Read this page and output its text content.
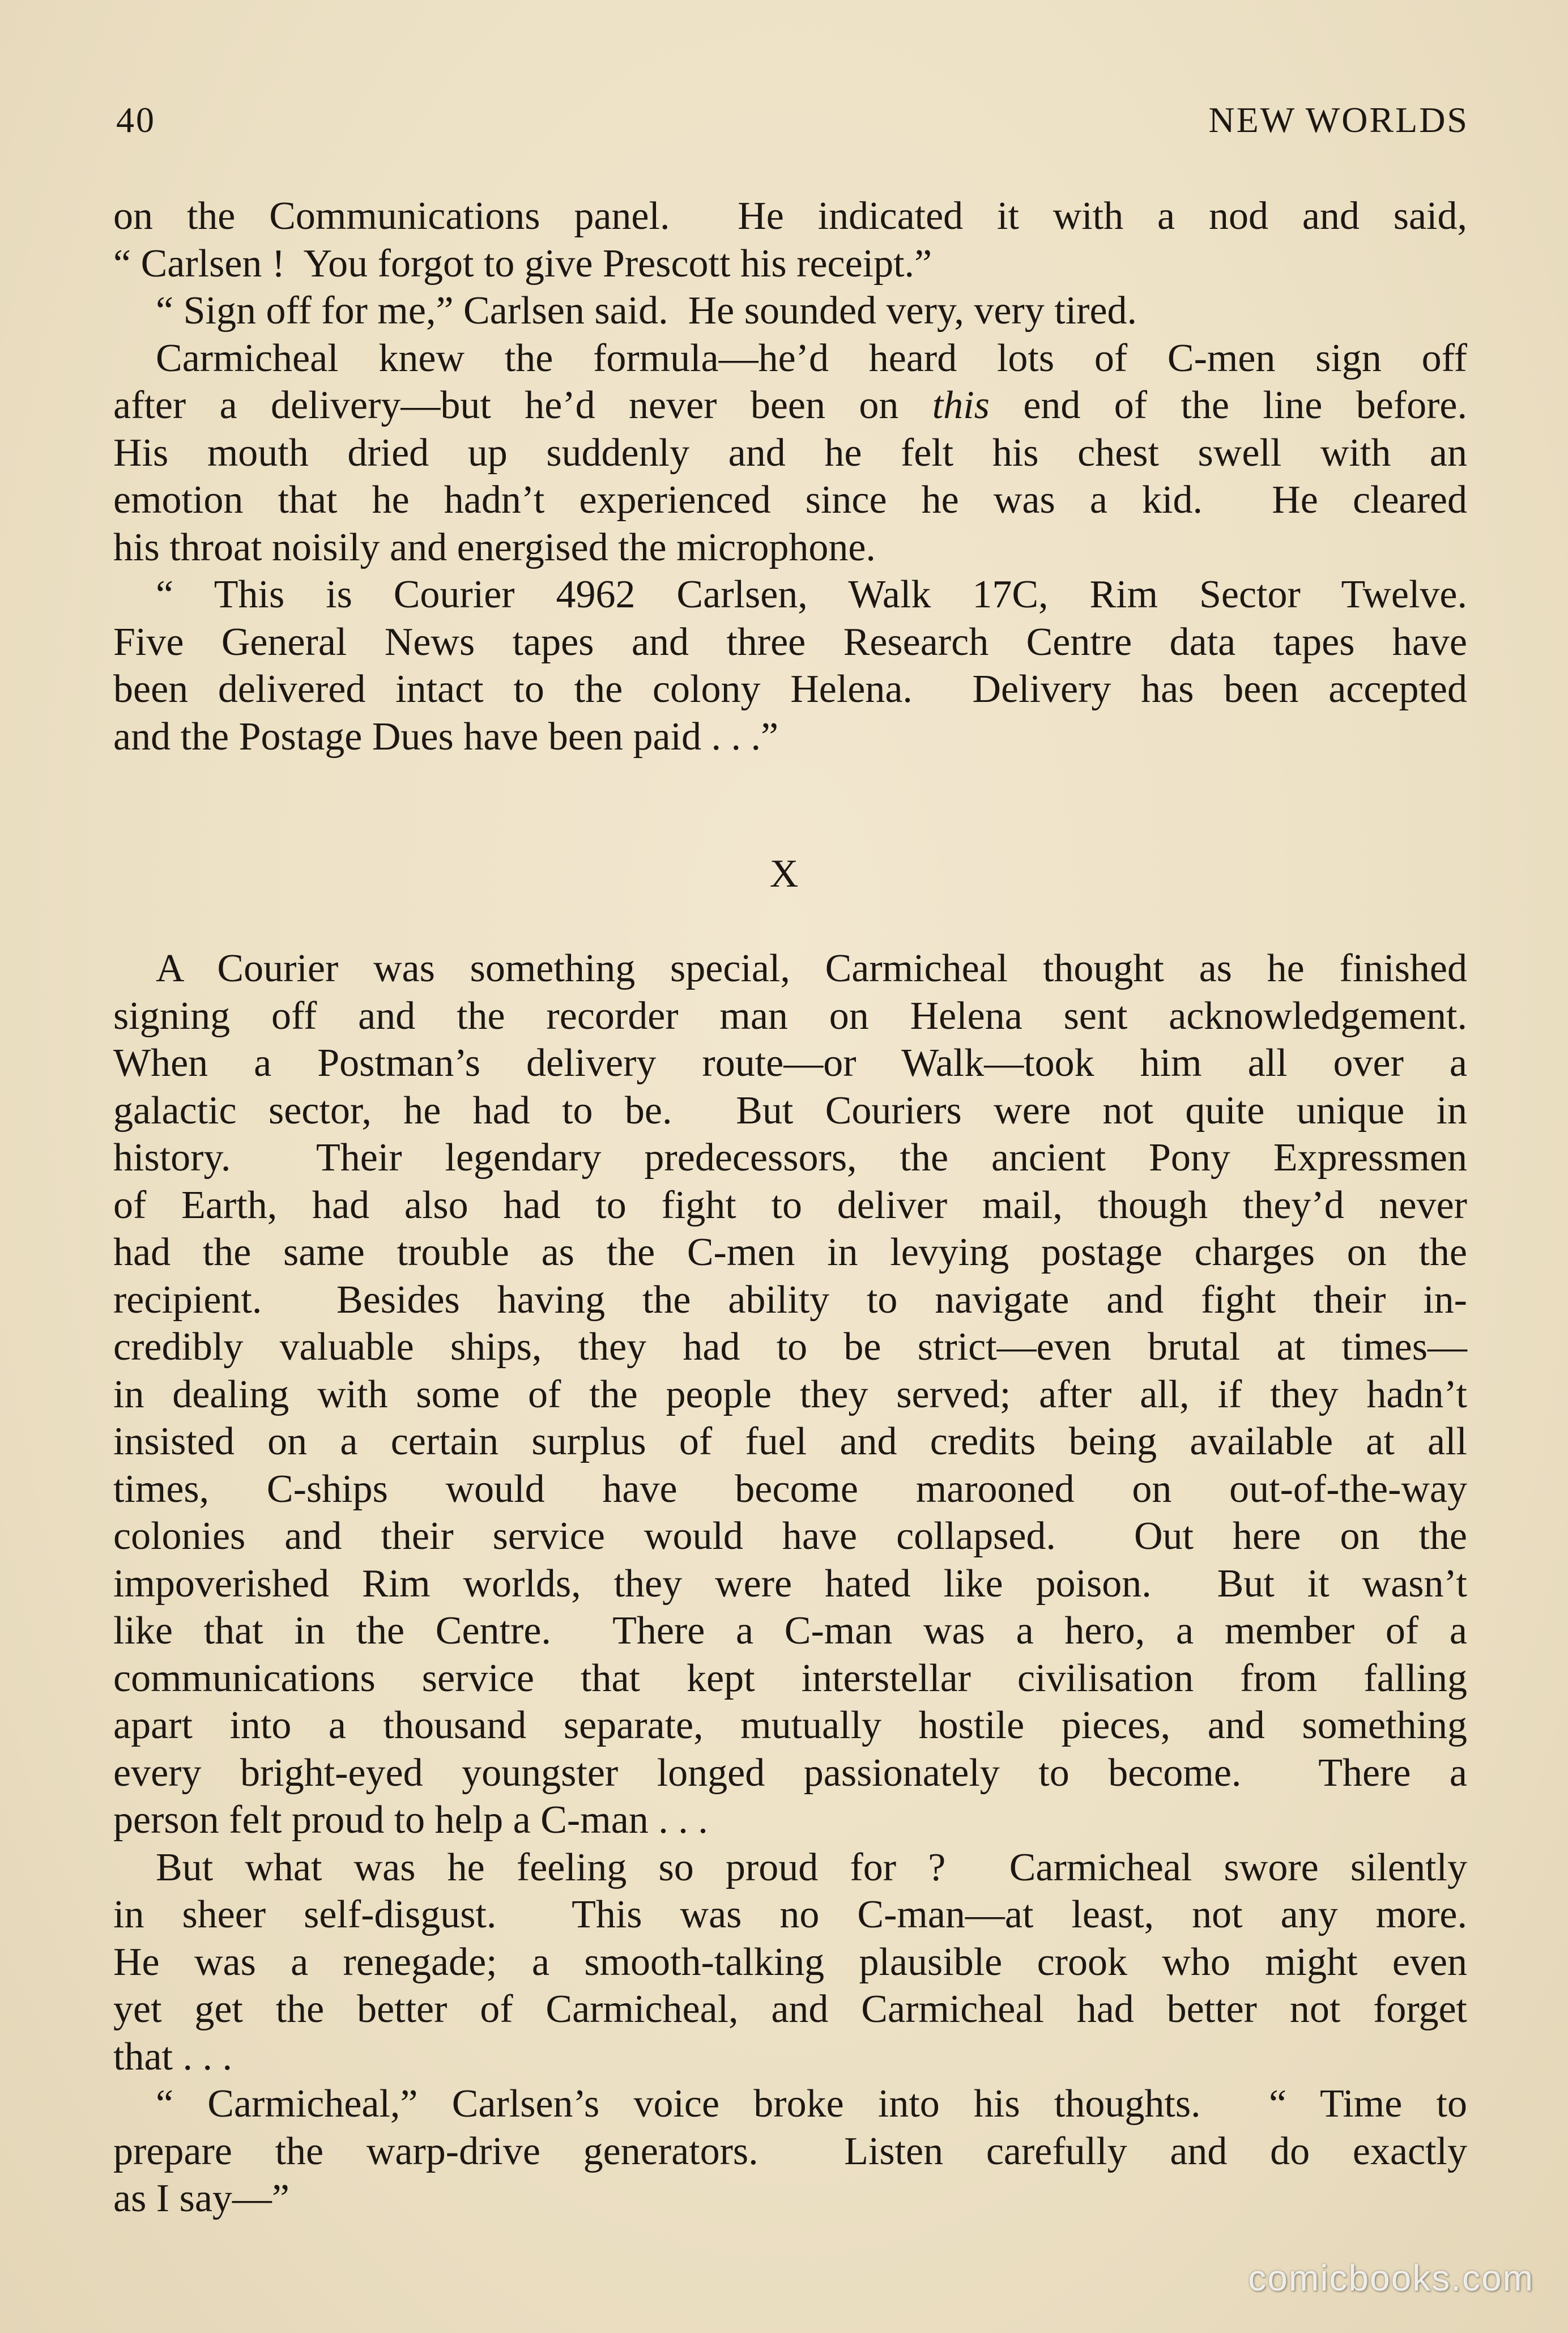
40	NEW WORLDS
on the Communications panel.  He indicated it with a nod and said,
“ Carlsen !  You forgot to give Prescott his receipt.”
“ Sign off for me,” Carlsen said.  He sounded very, very tired.
Carmicheal knew the formula—he’d heard lots of C-men sign off
after a delivery—but he’d never been on this end of the line before.
His mouth dried up suddenly and he felt his chest swell with an
emotion that he hadn’t experienced since he was a kid.  He cleared
his throat noisily and energised the microphone.
“ This is Courier 4962 Carlsen, Walk 17C, Rim Sector Twelve.
Five General News tapes and three Research Centre data tapes have
been delivered intact to the colony Helena.  Delivery has been accepted
and the Postage Dues have been paid . . .”
X
A Courier was something special, Carmicheal thought as he finished
signing off and the recorder man on Helena sent acknowledgement.
When a Postman’s delivery route—or Walk—took him all over a
galactic sector, he had to be.  But Couriers were not quite unique in
history.  Their legendary predecessors, the ancient Pony Expressmen
of Earth, had also had to fight to deliver mail, though they’d never
had the same trouble as the C-men in levying postage charges on the
recipient.  Besides having the ability to navigate and fight their in-
credibly valuable ships, they had to be strict—even brutal at times—
in dealing with some of the people they served; after all, if they hadn’t
insisted on a certain surplus of fuel and credits being available at all
times, C-ships would have become marooned on out-of-the-way
colonies and their service would have collapsed.  Out here on the
impoverished Rim worlds, they were hated like poison.  But it wasn’t
like that in the Centre.  There a C-man was a hero, a member of a
communications service that kept interstellar civilisation from falling
apart into a thousand separate, mutually hostile pieces, and something
every bright-eyed youngster longed passionately to become.  There a
person felt proud to help a C-man . . .
But what was he feeling so proud for ?  Carmicheal swore silently
in sheer self-disgust.  This was no C-man—at least, not any more.
He was a renegade; a smooth-talking plausible crook who might even
yet get the better of Carmicheal, and Carmicheal had better not forget
that . . .
“ Carmicheal,” Carlsen’s voice broke into his thoughts.  “ Time to
prepare the warp-drive generators.  Listen carefully and do exactly
as I say—”
comicbooks.com
